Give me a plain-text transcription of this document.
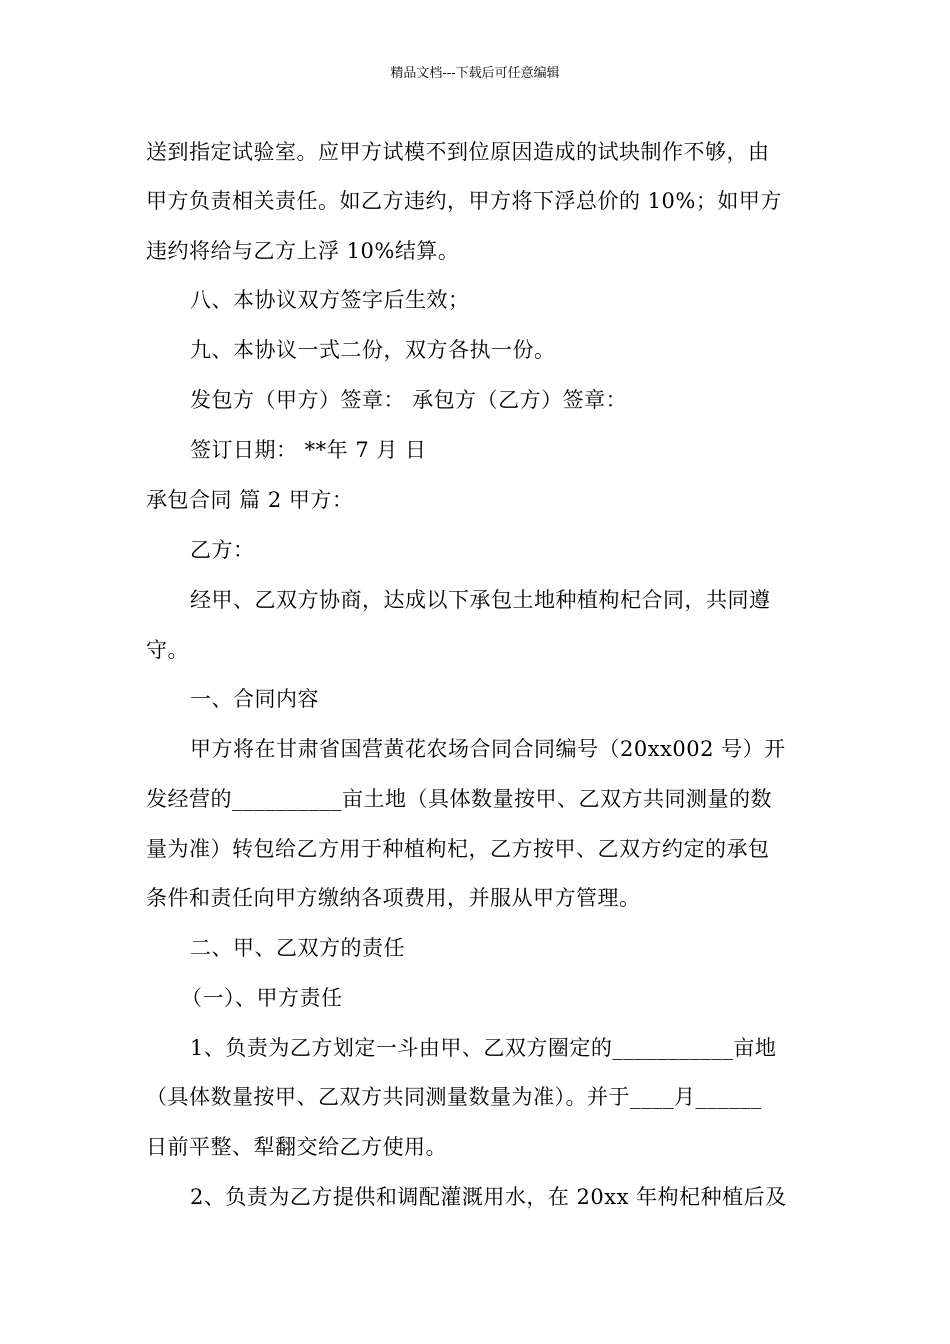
精品文档---下载后可任意编辑
送到指定试验室。应甲方试模不到位原因造成的试块制作不够，由
甲方负责相关责任。如乙方违约，甲方将下浮总价的 10%；如甲方
违约将给与乙方上浮 10%结算。
八、本协议双方签字后生效；
九、本协议一式二份，双方各执一份。
发包方（甲方）签章： 承包方（乙方）签章：
签订日期： **年 7 月 日
承包合同 篇 2 甲方：
乙方：
经甲、乙双方协商，达成以下承包土地种植枸杞合同，共同遵
守。
一、合同内容
甲方将在甘肃省国营黄花农场合同合同编号（20xx002 号）开
发经营的__________亩土地（具体数量按甲、乙双方共同测量的数
量为准）转包给乙方用于种植枸杞，乙方按甲、乙双方约定的承包
条件和责任向甲方缴纳各项费用，并服从甲方管理。
二、甲、乙双方的责任
（一）、甲方责任
1、负责为乙方划定一斗由甲、乙双方圈定的___________亩地
（具体数量按甲、乙双方共同测量数量为准）。并于____月______
日前平整、犁翻交给乙方使用。
2、负责为乙方提供和调配灌溉用水，在 20xx 年枸杞种植后及
